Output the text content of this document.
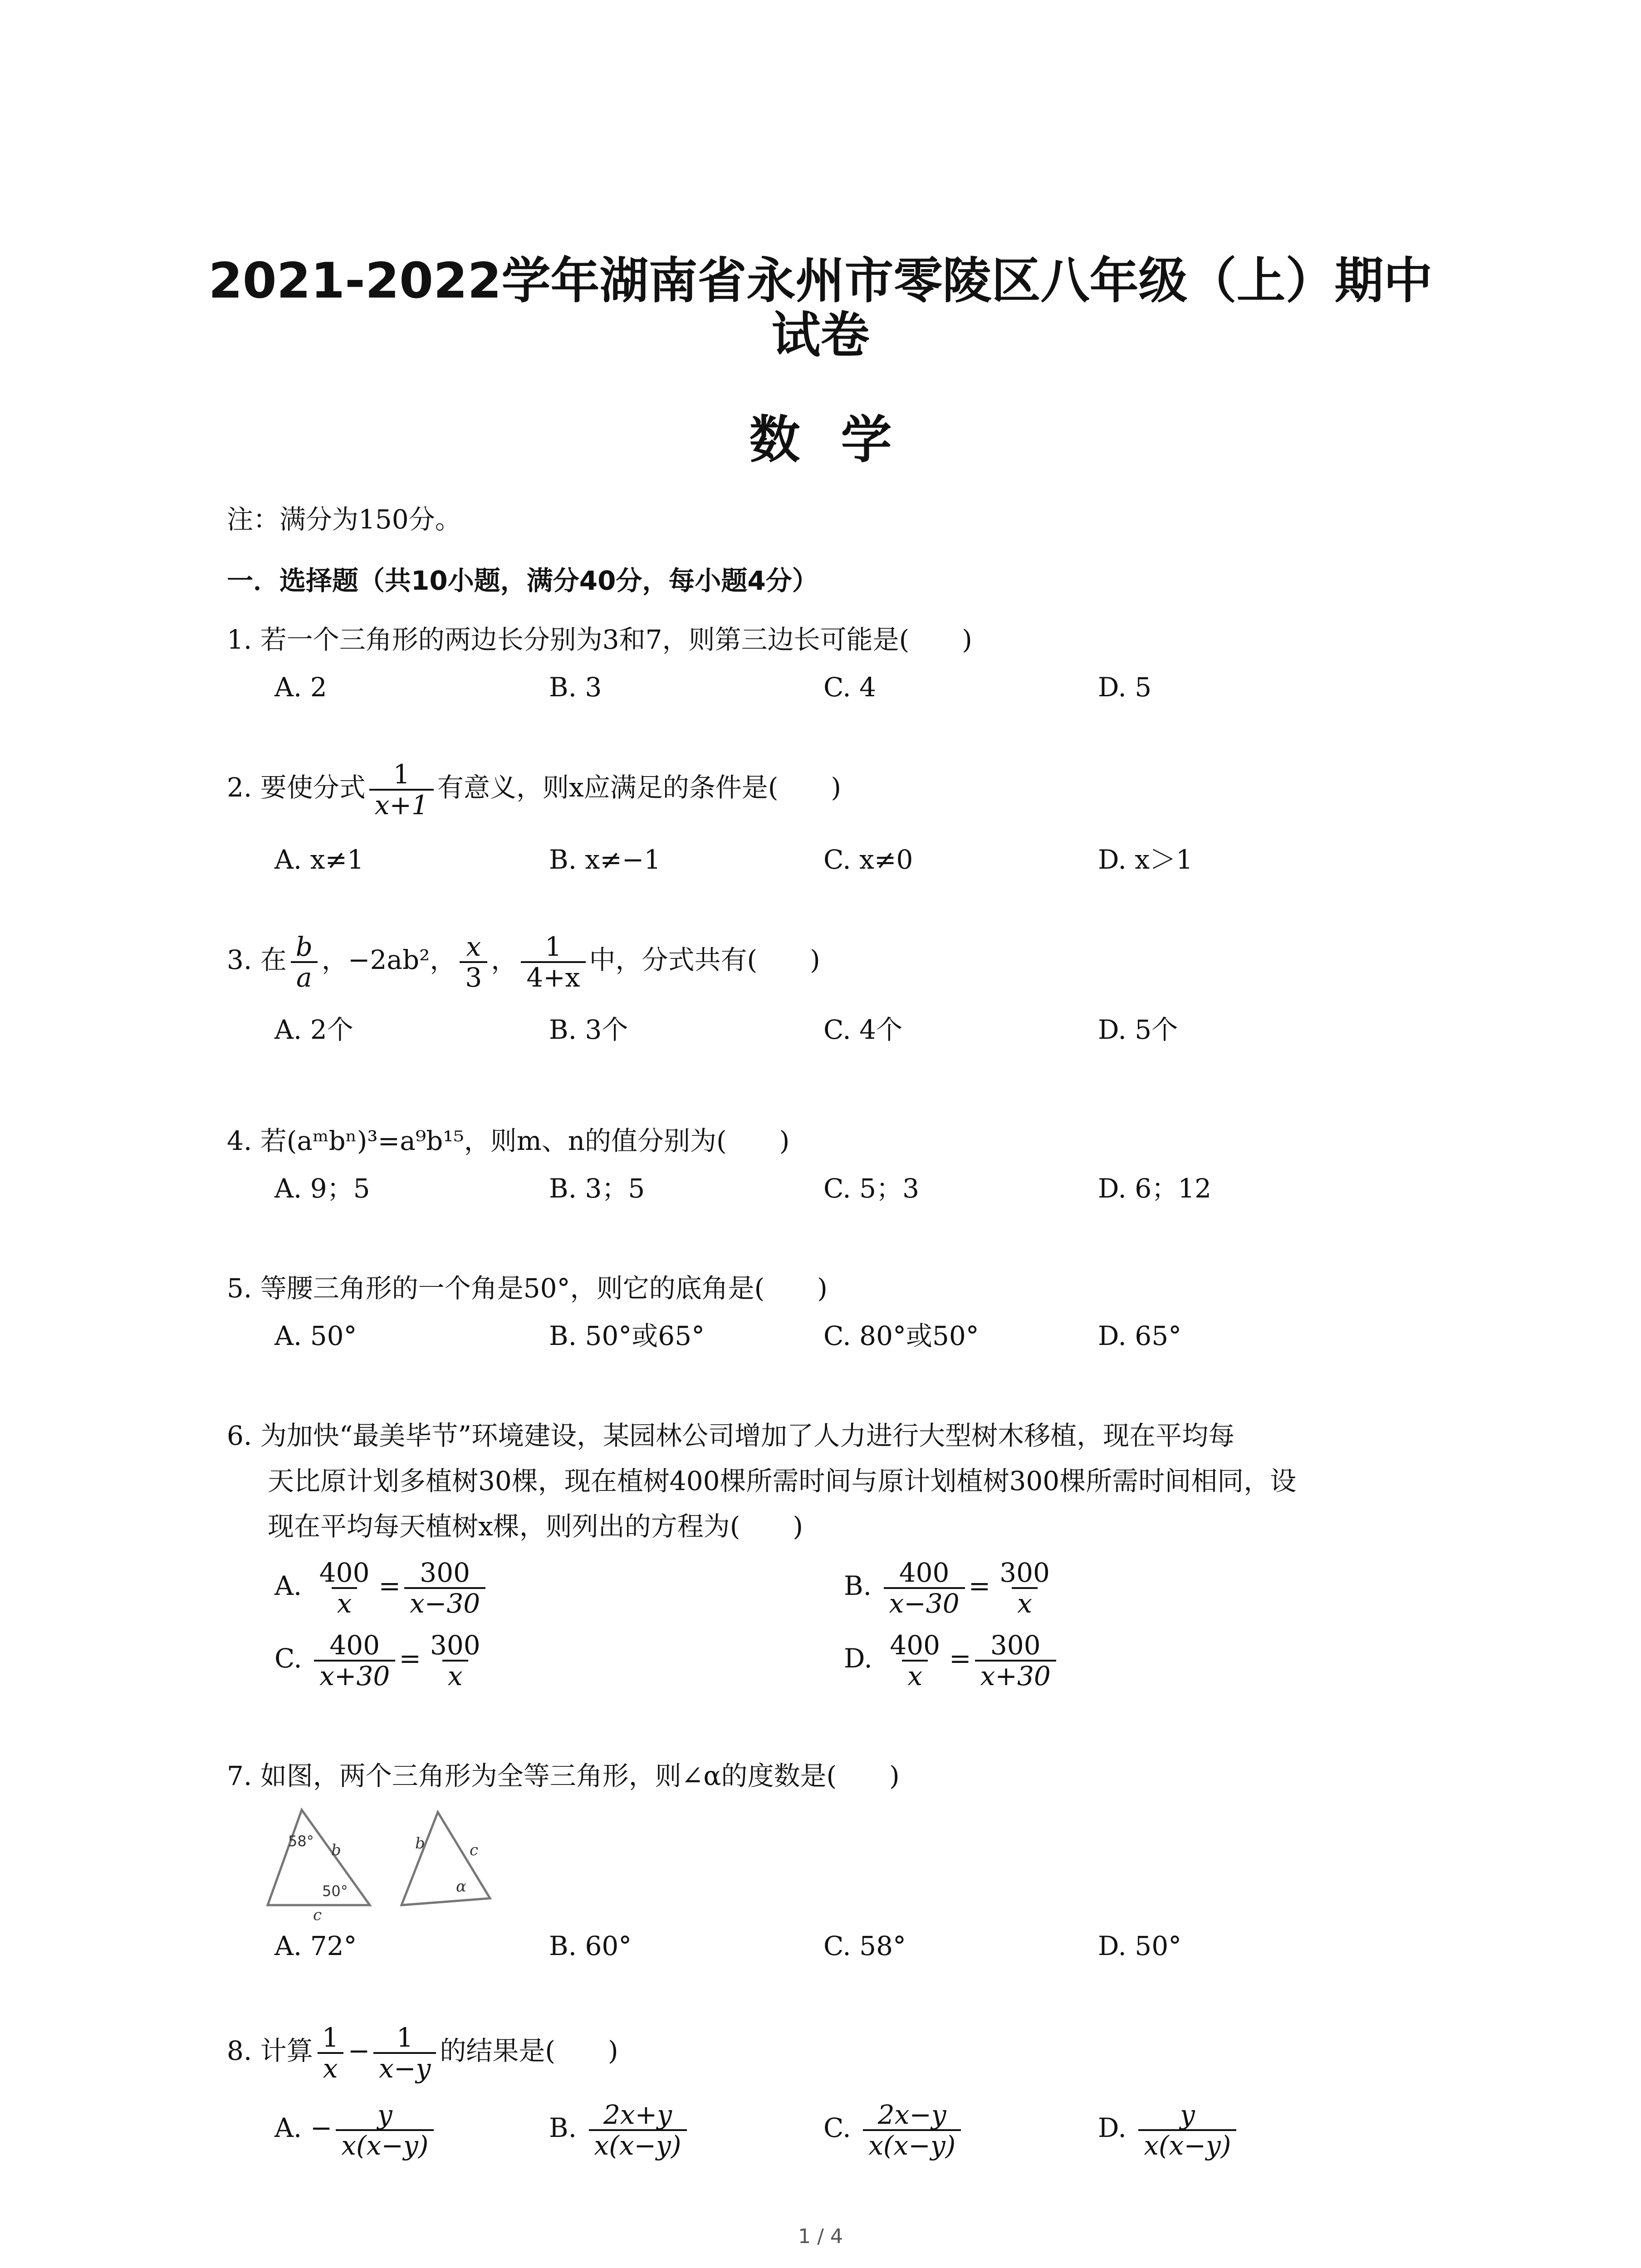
2021-2022学年湖南省永州市零陵区八年级（上）期中
试卷
数学
注：满分为150分。
一．选择题（共10小题，满分40分，每小题4分）
1. 若一个三角形的两边长分别为3和7，则第三边长可能是(　　)
A. 2	B. 3	C. 4	D. 5
2. 要使分式 $\frac{1}{x+1}$ 有意义，则x应满足的条件是(　　)
A. x≠1	B. x≠−1	C. x≠0	D. x＞1
3. 在 $\frac{b}{a}$ ，−2ab²， $\frac{x}{3}$ ， $\frac{1}{4+x}$ 中，分式共有(　　)
A. 2个	B. 3个	C. 4个	D. 5个
4. 若(aᵐbⁿ)³=a⁹b¹⁵，则m、n的值分别为(　　)
A. 9；5	B. 3；5	C. 5；3	D. 6；12
5. 等腰三角形的一个角是50°，则它的底角是(　　)
A. 50°	B. 50°或65°	C. 80°或50°	D. 65°
6. 为加快“最美毕节”环境建设，某园林公司增加了人力进行大型树木移植，现在平均每
天比原计划多植树30棵，现在植树400棵所需时间与原计划植树300棵所需时间相同，设
现在平均每天植树x棵，则列出的方程为(　　)
A. $\frac{400}{x} = \frac{300}{x-30}$	B. $\frac{400}{x-30} = \frac{300}{x}$
C. $\frac{400}{x+30} = \frac{300}{x}$	D. $\frac{400}{x} = \frac{300}{x+30}$
7. 如图，两个三角形为全等三角形，则∠α的度数是(　　)
58° b
50°
c
b	c
α
A. 72°	B. 60°	C. 58°	D. 50°
8. 计算 $\frac{1}{x} - \frac{1}{x-y}$ 的结果是(　　)
A. − $\frac{y}{x(x-y)}$	B. $\frac{2x+y}{x(x-y)}$	C. $\frac{2x-y}{x(x-y)}$	D. $\frac{y}{x(x-y)}$
1 / 4
